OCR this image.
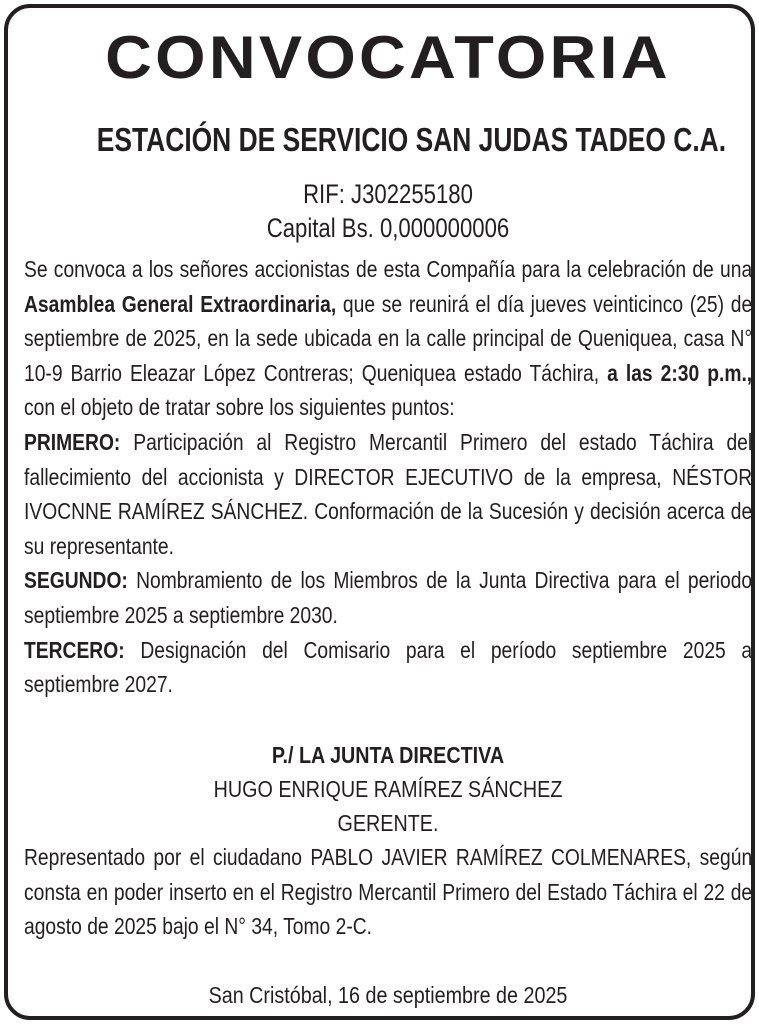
CONVOCATORIA
ESTACIÓN DE SERVICIO SAN JUDAS TADEO C.A.
RIF: J302255180
Capital Bs. 0,000000006

Se convoca a los señores accionistas de esta Compañía para la celebración de una Asamblea General Extraordinaria, que se reunirá el día jueves veinticinco (25) de septiembre de 2025, en la sede ubicada en la calle principal de Queniquea, casa N° 10-9 Barrio Eleazar López Contreras; Queniquea estado Táchira, a las 2:30 p.m., con el objeto de tratar sobre los siguientes puntos:

PRIMERO: Participación al Registro Mercantil Primero del estado Táchira del fallecimiento del accionista y DIRECTOR EJECUTIVO de la empresa, NÉSTOR IVOCNNE RAMÍREZ SÁNCHEZ. Conformación de la Sucesión y decisión acerca de su representante.

SEGUNDO: Nombramiento de los Miembros de la Junta Directiva para el periodo septiembre 2025 a septiembre 2030.

TERCERO: Designación del Comisario para el período septiembre 2025 a septiembre 2027.

P./ LA JUNTA DIRECTIVA
HUGO ENRIQUE RAMÍREZ SÁNCHEZ
GERENTE.

Representado por el ciudadano PABLO JAVIER RAMÍREZ COLMENARES, según consta en poder inserto en el Registro Mercantil Primero del Estado Táchira el 22 de agosto de 2025 bajo el N° 34, Tomo 2-C.

San Cristóbal, 16 de septiembre de 2025
